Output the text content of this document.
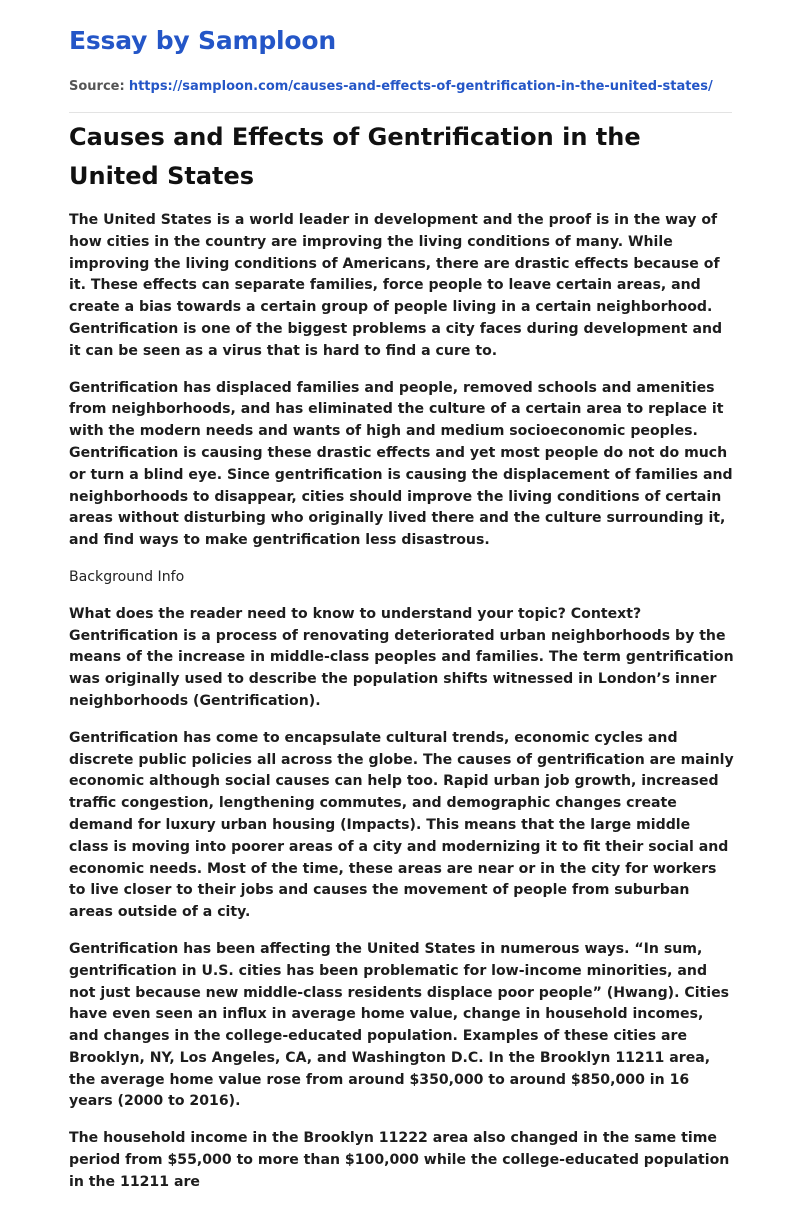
Essay by Samploon

Source: https://samploon.com/causes-and-effects-of-gentrification-in-the-united-states/

Causes and Effects of Gentrification in the United States

The United States is a world leader in development and the proof is in the way of how cities in the country are improving the living conditions of many. While improving the living conditions of Americans, there are drastic effects because of it. These effects can separate families, force people to leave certain areas, and create a bias towards a certain group of people living in a certain neighborhood. Gentrification is one of the biggest problems a city faces during development and it can be seen as a virus that is hard to find a cure to.

Gentrification has displaced families and people, removed schools and amenities from neighborhoods, and has eliminated the culture of a certain area to replace it with the modern needs and wants of high and medium socioeconomic peoples. Gentrification is causing these drastic effects and yet most people do not do much or turn a blind eye. Since gentrification is causing the displacement of families and neighborhoods to disappear, cities should improve the living conditions of certain areas without disturbing who originally lived there and the culture surrounding it, and find ways to make gentrification less disastrous.

Background Info

What does the reader need to know to understand your topic? Context? Gentrification is a process of renovating deteriorated urban neighborhoods by the means of the increase in middle-class peoples and families. The term gentrification was originally used to describe the population shifts witnessed in London’s inner neighborhoods (Gentrification).

Gentrification has come to encapsulate cultural trends, economic cycles and discrete public policies all across the globe. The causes of gentrification are mainly economic although social causes can help too. Rapid urban job growth, increased traffic congestion, lengthening commutes, and demographic changes create demand for luxury urban housing (Impacts). This means that the large middle class is moving into poorer areas of a city and modernizing it to fit their social and economic needs. Most of the time, these areas are near or in the city for workers to live closer to their jobs and causes the movement of people from suburban areas outside of a city.

Gentrification has been affecting the United States in numerous ways. “In sum, gentrification in U.S. cities has been problematic for low-income minorities, and not just because new middle-class residents displace poor people” (Hwang). Cities have even seen an influx in average home value, change in household incomes, and changes in the college-educated population. Examples of these cities are Brooklyn, NY, Los Angeles, CA, and Washington D.C. In the Brooklyn 11211 area, the average home value rose from around $350,000 to around $850,000 in 16 years (2000 to 2016).

The household income in the Brooklyn 11222 area also changed in the same time period from $55,000 to more than $100,000 while the college-educated population in the 11211 are
